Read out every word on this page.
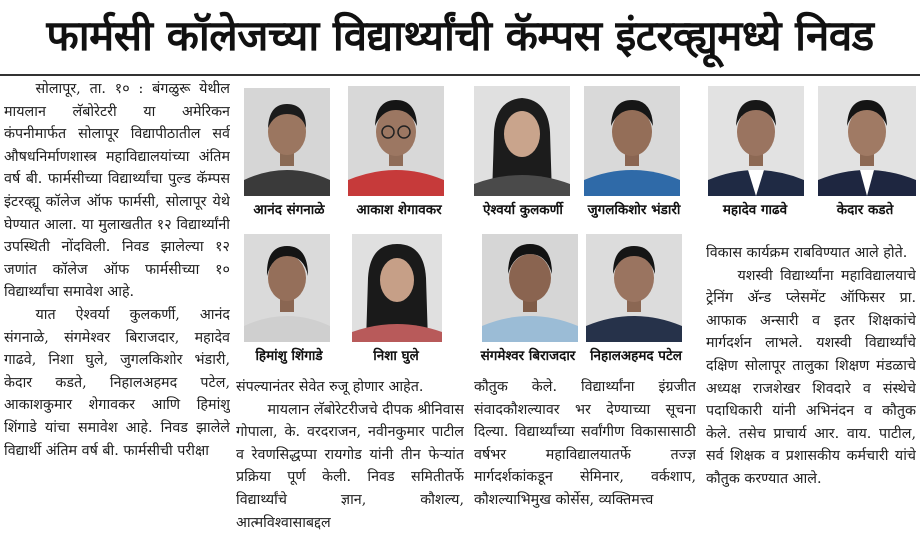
फार्मसी कॉलेजच्या विद्यार्थ्यांची कॅम्पस इंटरव्ह्यूमध्ये निवड

सोलापूर, ता. १० : बंगळुरू येथील मायलान लॅबोरेटरी या अमेरिकन कंपनीमार्फत सोलापूर विद्यापीठातील सर्व औषधनिर्माणशास्त्र महाविद्यालयांच्या अंतिम वर्ष बी. फार्मसीच्या विद्यार्थ्यांचा पुल्ड कॅम्पस इंटरव्ह्यू कॉलेज ऑफ फार्मसी, सोलापूर येथे घेण्यात आला. या मुलाखतीत १२ विद्यार्थ्यांनी उपस्थिती नोंदविली. निवड झालेल्या १२ जणांत कॉलेज ऑफ फार्मसीच्या १० विद्यार्थ्यांचा समावेश आहे.

यात ऐश्वर्या कुलकर्णी, आनंद संगनाळे, संगमेश्वर बिराजदार, महादेव गाढवे, निशा घुले, जुगलकिशोर भंडारी, केदार कडते, निहालअहमद पटेल, आकाशकुमार शेगावकर आणि हिमांशु शिंगाडे यांचा समावेश आहे. निवड झालेले विद्यार्थी अंतिम वर्ष बी. फार्मसीची परीक्षा

आनंद संगनाळे	आकाश शेगावकर	ऐश्वर्या कुलकर्णी	जुगलकिशोर भंडारी	महादेव गाढवे	केदार कडते
हिमांशु शिंगाडे	निशा घुले	संगमेश्वर बिराजदार	निहालअहमद पटेल

संपल्यानंतर सेवेत रुजू होणार आहेत.

मायलान लॅबोरेटरीजचे दीपक श्रीनिवास गोपाला, के. वरदराजन, नवीनकुमार पाटील व रेवणसिद्धप्पा रायगोड यांनी तीन फेऱ्यांत प्रक्रिया पूर्ण केली. निवड समितीतर्फे विद्यार्थ्यांचे ज्ञान, कौशल्य, आत्मविश्वासाबद्दल

कौतुक केले. विद्यार्थ्यांना इंग्रजीत संवादकौशल्यावर भर देण्याच्या सूचना दिल्या. विद्यार्थ्यांच्या सर्वांगीण विकासासाठी वर्षभर महाविद्यालयातर्फे तज्ज्ञ मार्गदर्शकांकडून सेमिनार, वर्कशाप, कौशल्याभिमुख कोर्सेस, व्यक्तिमत्त्व

विकास कार्यक्रम राबविण्यात आले होते.

यशस्वी विद्यार्थ्यांना महाविद्यालयाचे ट्रेनिंग अ‍ॅन्ड प्लेसमेंट ऑफिसर प्रा. आफाक अन्सारी व इतर शिक्षकांचे मार्गदर्शन लाभले. यशस्वी विद्यार्थ्यांचे दक्षिण सोलापूर तालुका शिक्षण मंडळाचे अध्यक्ष राजशेखर शिवदारे व संस्थेचे पदाधिकारी यांनी अभिनंदन व कौतुक केले. तसेच प्राचार्य आर. वाय. पाटील, सर्व शिक्षक व प्रशासकीय कर्मचारी यांचे कौतुक करण्यात आले.
